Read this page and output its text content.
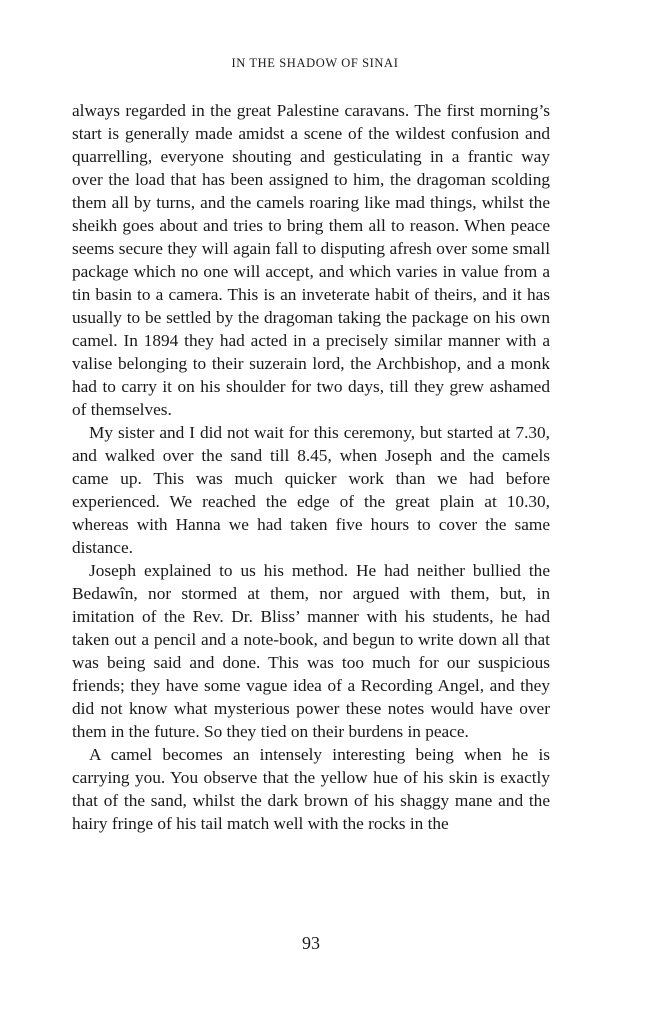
IN THE SHADOW OF SINAI

always regarded in the great Palestine caravans. The first morning’s start is generally made amidst a scene of the wildest confusion and quarrelling, everyone shouting and gesticulating in a frantic way over the load that has been assigned to him, the dragoman scolding them all by turns, and the camels roaring like mad things, whilst the sheikh goes about and tries to bring them all to reason. When peace seems secure they will again fall to disputing afresh over some small package which no one will accept, and which varies in value from a tin basin to a camera. This is an inveterate habit of theirs, and it has usually to be settled by the dragoman taking the package on his own camel. In 1894 they had acted in a precisely similar manner with a valise belonging to their suzerain lord, the Archbishop, and a monk had to carry it on his shoulder for two days, till they grew ashamed of themselves.

My sister and I did not wait for this ceremony, but started at 7.30, and walked over the sand till 8.45, when Joseph and the camels came up. This was much quicker work than we had before experienced. We reached the edge of the great plain at 10.30, whereas with Hanna we had taken five hours to cover the same distance.

Joseph explained to us his method. He had neither bullied the Bedawîn, nor stormed at them, nor argued with them, but, in imitation of the Rev. Dr. Bliss’ manner with his students, he had taken out a pencil and a note-book, and begun to write down all that was being said and done. This was too much for our suspicious friends; they have some vague idea of a Recording Angel, and they did not know what mysterious power these notes would have over them in the future. So they tied on their burdens in peace.

A camel becomes an intensely interesting being when he is carrying you. You observe that the yellow hue of his skin is exactly that of the sand, whilst the dark brown of his shaggy mane and the hairy fringe of his tail match well with the rocks in the

93
